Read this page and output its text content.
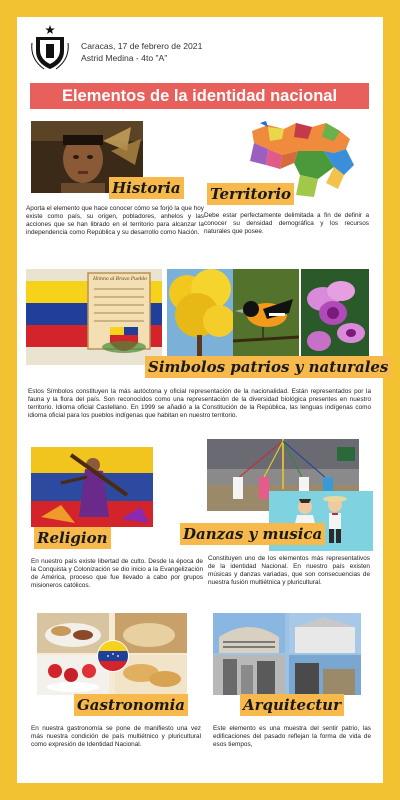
Caracas, 17 de febrero de 2021
Astrid Medina - 4to "A"
Elementos de la identidad nacional
Historia
Aporta el elemento que hace conocer cómo se forjó la que hoy existe como país, su origen, pobladores, anhelos y las acciones que se han librado en el territorio para alcanzar la independencia como República y su desarrollo como Nación.
Territorio
Debe estar perfectamente delimitada a fin de definir a conocer su densidad demográfica y los recursos naturales que posee.
Himno al Bravo Pueblo
Simbolos patrios y naturales
Estos Símbolos constituyen la más autóctona y oficial representación de la nacionalidad. Están representados por la fauna y la flora del país. Son reconocidos como una representación de la diversidad biológica presentes en nuestro territorio. Idioma oficial Castellano. En 1999 se añadió a la Constitución de la República, las lenguas indígenas como idioma oficial para los pueblos indígenas que habitan en nuestro territorio.
Religion
En nuestro país existe libertad de culto. Desde la época de la Conquista y Colonización se dio inicio a la Evangelización de América, proceso que fue llevado a cabo por grupos misioneros católicos.
Danzas y musica
Constituyen uno de los elementos más representativos de la identidad Nacional. En nuestro país existen músicas y danzas variadas, que son consecuencias de nuestra fusión multiétnica y pluricultural.
Gastronomia
En nuestra gastronomía se pone de manifiesto una vez más nuestra condición de país multiétnico y pluricultural como expresión de Identidad Nacional.
Arquitectur
Este elemento es una muestra del sentir patrio, las edificaciones del pasado reflejan la forma de vida de esos tiempos,
